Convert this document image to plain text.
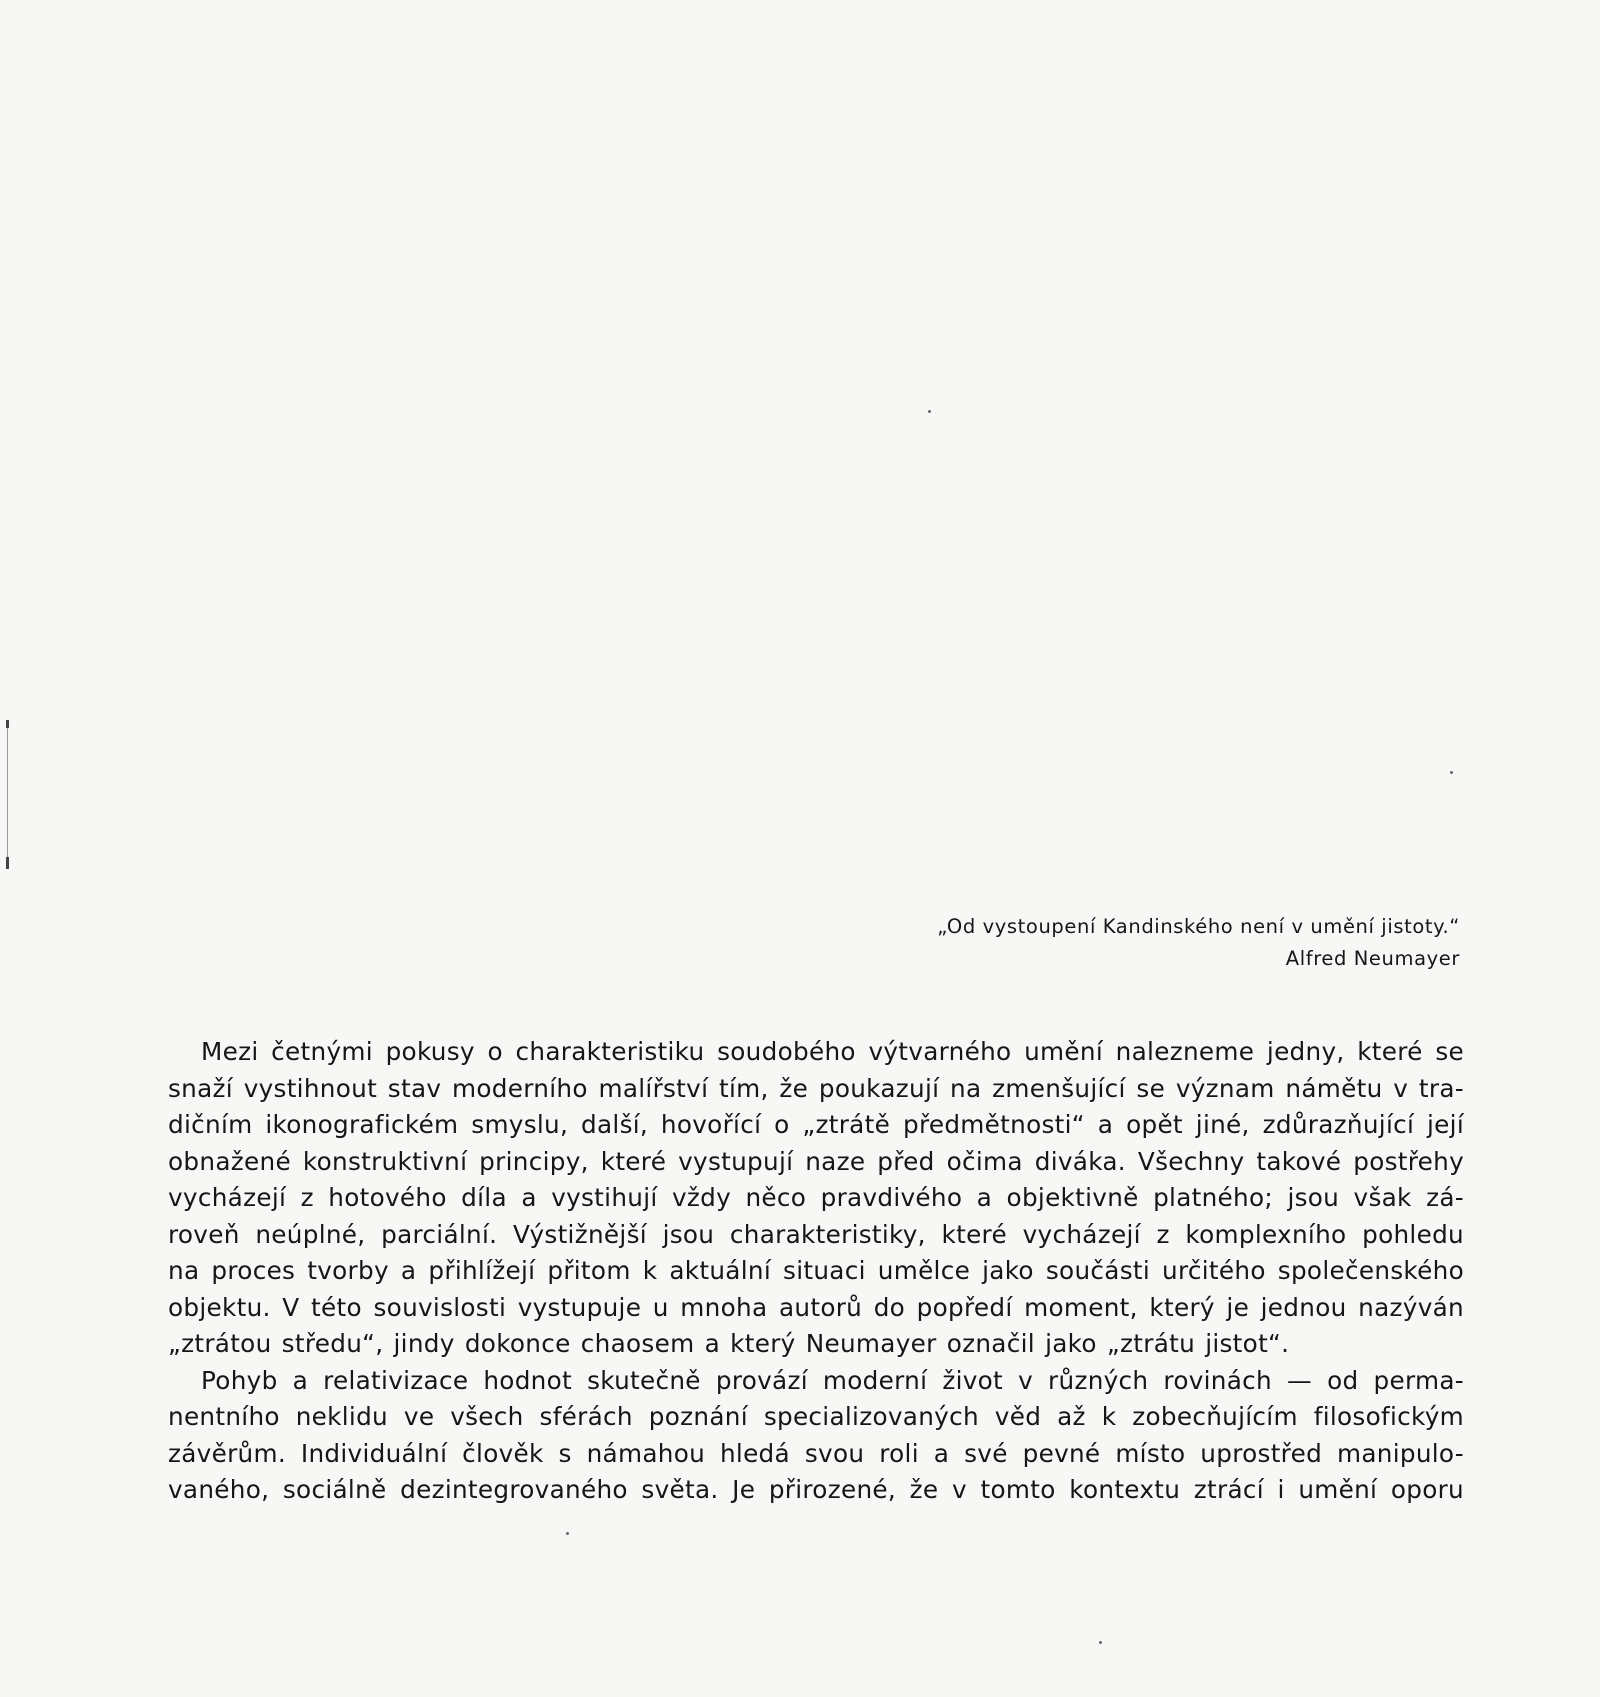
„Od vystoupení Kandinského není v umění jistoty.“
Alfred Neumayer
Mezi četnými pokusy o charakteristiku soudobého výtvarného umění nalezneme jedny, které se
snaží vystihnout stav moderního malířství tím, že poukazují na zmenšující se význam námětu v tra-
dičním ikonografickém smyslu, další, hovořící o „ztrátě předmětnosti“ a opět jiné, zdůrazňující její
obnažené konstruktivní principy, které vystupují naze před očima diváka. Všechny takové postřehy
vycházejí z hotového díla a vystihují vždy něco pravdivého a objektivně platného; jsou však zá-
roveň neúplné, parciální. Výstižnější jsou charakteristiky, které vycházejí z komplexního pohledu
na proces tvorby a přihlížejí přitom k aktuální situaci umělce jako součásti určitého společenského
objektu. V této souvislosti vystupuje u mnoha autorů do popředí moment, který je jednou nazýván
„ztrátou středu“, jindy dokonce chaosem a který Neumayer označil jako „ztrátu jistot“.
Pohyb a relativizace hodnot skutečně provází moderní život v různých rovinách — od perma-
nentního neklidu ve všech sférách poznání specializovaných věd až k zobecňujícím filosofickým
závěrům. Individuální člověk s námahou hledá svou roli a své pevné místo uprostřed manipulo-
vaného, sociálně dezintegrovaného světa. Je přirozené, že v tomto kontextu ztrácí i umění oporu
